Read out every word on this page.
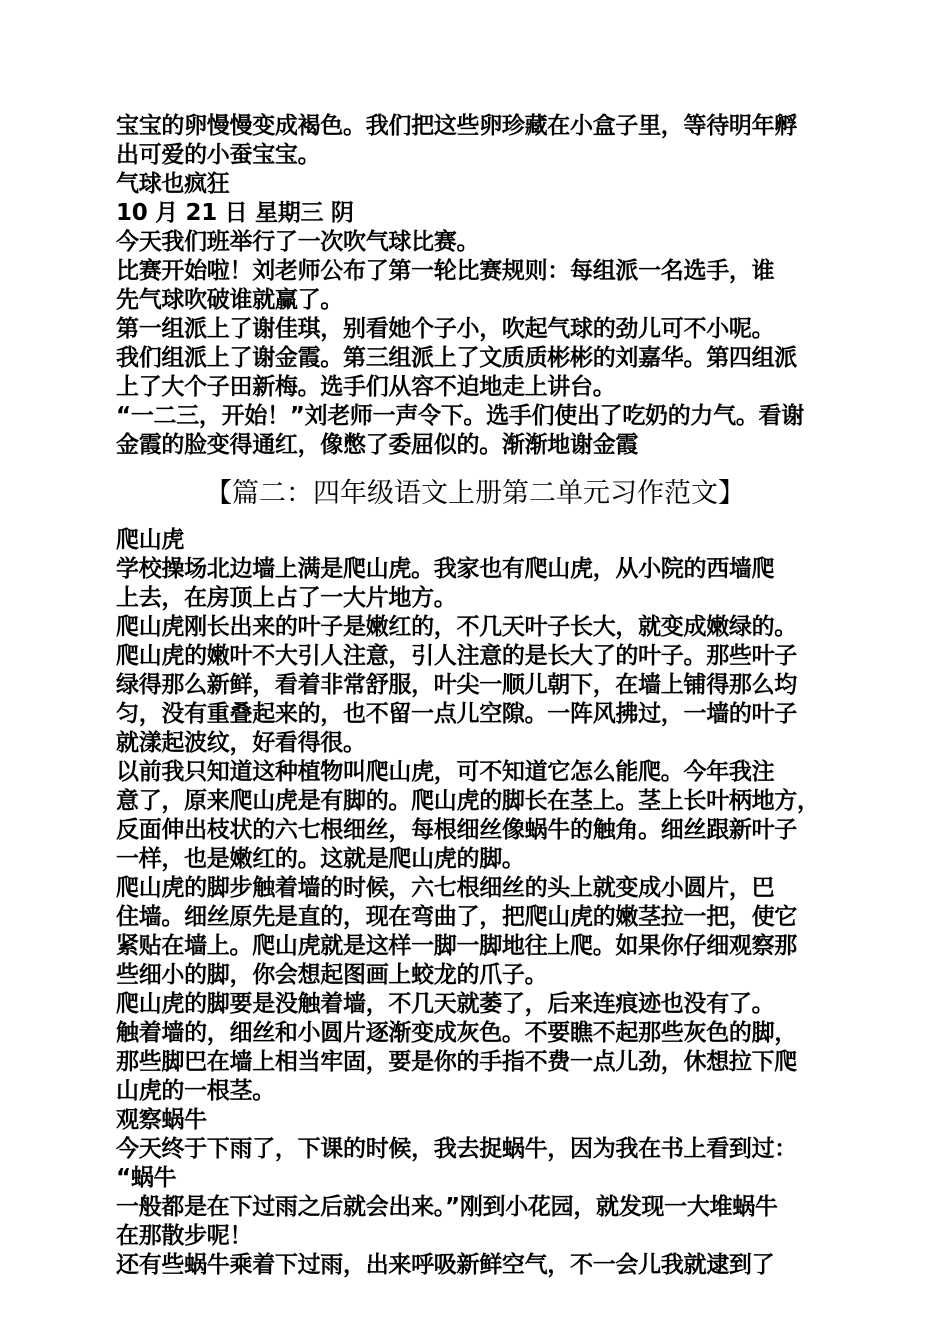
宝宝的卵慢慢变成褐色。我们把这些卵珍藏在小盒子里，等待明年孵
出可爱的小蚕宝宝。
气球也疯狂
10 月 21 日 星期三 阴
今天我们班举行了一次吹气球比赛。
比赛开始啦！刘老师公布了第一轮比赛规则：每组派一名选手，谁
先气球吹破谁就赢了。
第一组派上了谢佳琪，别看她个子小，吹起气球的劲儿可不小呢。
我们组派上了谢金霞。第三组派上了文质质彬彬的刘嘉华。第四组派
上了大个子田新梅。选手们从容不迫地走上讲台。
“一二三，开始！”刘老师一声令下。选手们使出了吃奶的力气。看谢
金霞的脸变得通红，像憋了委屈似的。渐渐地谢金霞
【篇二：四年级语文上册第二单元习作范文】
爬山虎
学校操场北边墙上满是爬山虎。我家也有爬山虎，从小院的西墙爬
上去，在房顶上占了一大片地方。
爬山虎刚长出来的叶子是嫩红的，不几天叶子长大，就变成嫩绿的。
爬山虎的嫩叶不大引人注意，引人注意的是长大了的叶子。那些叶子
绿得那么新鲜，看着非常舒服，叶尖一顺儿朝下，在墙上铺得那么均
匀，没有重叠起来的，也不留一点儿空隙。一阵风拂过，一墙的叶子
就漾起波纹，好看得很。
以前我只知道这种植物叫爬山虎，可不知道它怎么能爬。今年我注
意了，原来爬山虎是有脚的。爬山虎的脚长在茎上。茎上长叶柄地方，
反面伸出枝状的六七根细丝，每根细丝像蜗牛的触角。细丝跟新叶子
一样，也是嫩红的。这就是爬山虎的脚。
爬山虎的脚步触着墙的时候，六七根细丝的头上就变成小圆片，巴
住墙。细丝原先是直的，现在弯曲了，把爬山虎的嫩茎拉一把，使它
紧贴在墙上。爬山虎就是这样一脚一脚地往上爬。如果你仔细观察那
些细小的脚，你会想起图画上蛟龙的爪子。
爬山虎的脚要是没触着墙，不几天就萎了，后来连痕迹也没有了。
触着墙的，细丝和小圆片逐渐变成灰色。不要瞧不起那些灰色的脚，
那些脚巴在墙上相当牢固，要是你的手指不费一点儿劲，休想拉下爬
山虎的一根茎。
观察蜗牛
今天终于下雨了，下课的时候，我去捉蜗牛，因为我在书上看到过：
“蜗牛
一般都是在下过雨之后就会出来。”刚到小花园，就发现一大堆蜗牛
在那散步呢！
还有些蜗牛乘着下过雨，出来呼吸新鲜空气，不一会儿我就逮到了
